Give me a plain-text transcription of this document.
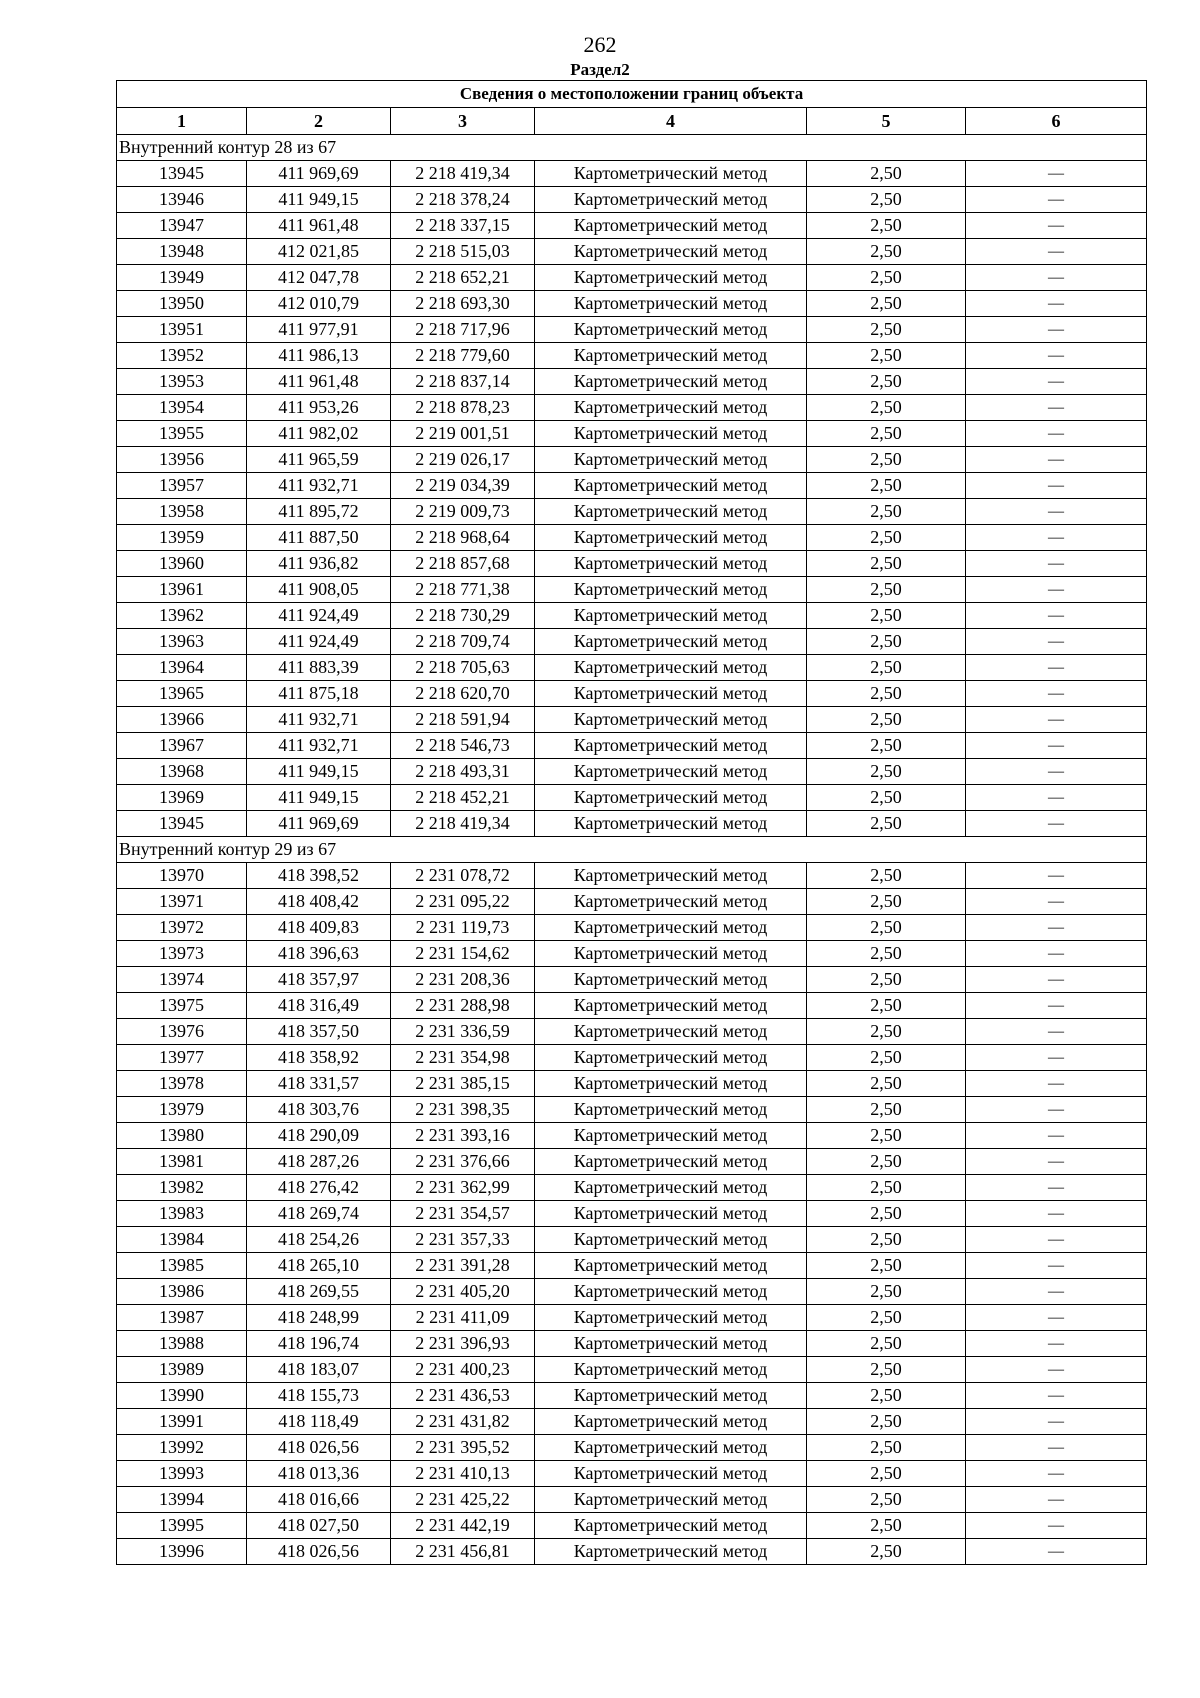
262
Раздел2
Сведения о местоположении границ объекта					
1	2	3	4	5	6
Внутренний контур 28 из 67					
13945	411 969,69	2 218 419,34	Картометрический метод	2,50	—
13946	411 949,15	2 218 378,24	Картометрический метод	2,50	—
13947	411 961,48	2 218 337,15	Картометрический метод	2,50	—
13948	412 021,85	2 218 515,03	Картометрический метод	2,50	—
13949	412 047,78	2 218 652,21	Картометрический метод	2,50	—
13950	412 010,79	2 218 693,30	Картометрический метод	2,50	—
13951	411 977,91	2 218 717,96	Картометрический метод	2,50	—
13952	411 986,13	2 218 779,60	Картометрический метод	2,50	—
13953	411 961,48	2 218 837,14	Картометрический метод	2,50	—
13954	411 953,26	2 218 878,23	Картометрический метод	2,50	—
13955	411 982,02	2 219 001,51	Картометрический метод	2,50	—
13956	411 965,59	2 219 026,17	Картометрический метод	2,50	—
13957	411 932,71	2 219 034,39	Картометрический метод	2,50	—
13958	411 895,72	2 219 009,73	Картометрический метод	2,50	—
13959	411 887,50	2 218 968,64	Картометрический метод	2,50	—
13960	411 936,82	2 218 857,68	Картометрический метод	2,50	—
13961	411 908,05	2 218 771,38	Картометрический метод	2,50	—
13962	411 924,49	2 218 730,29	Картометрический метод	2,50	—
13963	411 924,49	2 218 709,74	Картометрический метод	2,50	—
13964	411 883,39	2 218 705,63	Картометрический метод	2,50	—
13965	411 875,18	2 218 620,70	Картометрический метод	2,50	—
13966	411 932,71	2 218 591,94	Картометрический метод	2,50	—
13967	411 932,71	2 218 546,73	Картометрический метод	2,50	—
13968	411 949,15	2 218 493,31	Картометрический метод	2,50	—
13969	411 949,15	2 218 452,21	Картометрический метод	2,50	—
13945	411 969,69	2 218 419,34	Картометрический метод	2,50	—
Внутренний контур 29 из 67					
13970	418 398,52	2 231 078,72	Картометрический метод	2,50	—
13971	418 408,42	2 231 095,22	Картометрический метод	2,50	—
13972	418 409,83	2 231 119,73	Картометрический метод	2,50	—
13973	418 396,63	2 231 154,62	Картометрический метод	2,50	—
13974	418 357,97	2 231 208,36	Картометрический метод	2,50	—
13975	418 316,49	2 231 288,98	Картометрический метод	2,50	—
13976	418 357,50	2 231 336,59	Картометрический метод	2,50	—
13977	418 358,92	2 231 354,98	Картометрический метод	2,50	—
13978	418 331,57	2 231 385,15	Картометрический метод	2,50	—
13979	418 303,76	2 231 398,35	Картометрический метод	2,50	—
13980	418 290,09	2 231 393,16	Картометрический метод	2,50	—
13981	418 287,26	2 231 376,66	Картометрический метод	2,50	—
13982	418 276,42	2 231 362,99	Картометрический метод	2,50	—
13983	418 269,74	2 231 354,57	Картометрический метод	2,50	—
13984	418 254,26	2 231 357,33	Картометрический метод	2,50	—
13985	418 265,10	2 231 391,28	Картометрический метод	2,50	—
13986	418 269,55	2 231 405,20	Картометрический метод	2,50	—
13987	418 248,99	2 231 411,09	Картометрический метод	2,50	—
13988	418 196,74	2 231 396,93	Картометрический метод	2,50	—
13989	418 183,07	2 231 400,23	Картометрический метод	2,50	—
13990	418 155,73	2 231 436,53	Картометрический метод	2,50	—
13991	418 118,49	2 231 431,82	Картометрический метод	2,50	—
13992	418 026,56	2 231 395,52	Картометрический метод	2,50	—
13993	418 013,36	2 231 410,13	Картометрический метод	2,50	—
13994	418 016,66	2 231 425,22	Картометрический метод	2,50	—
13995	418 027,50	2 231 442,19	Картометрический метод	2,50	—
13996	418 026,56	2 231 456,81	Картометрический метод	2,50	—
